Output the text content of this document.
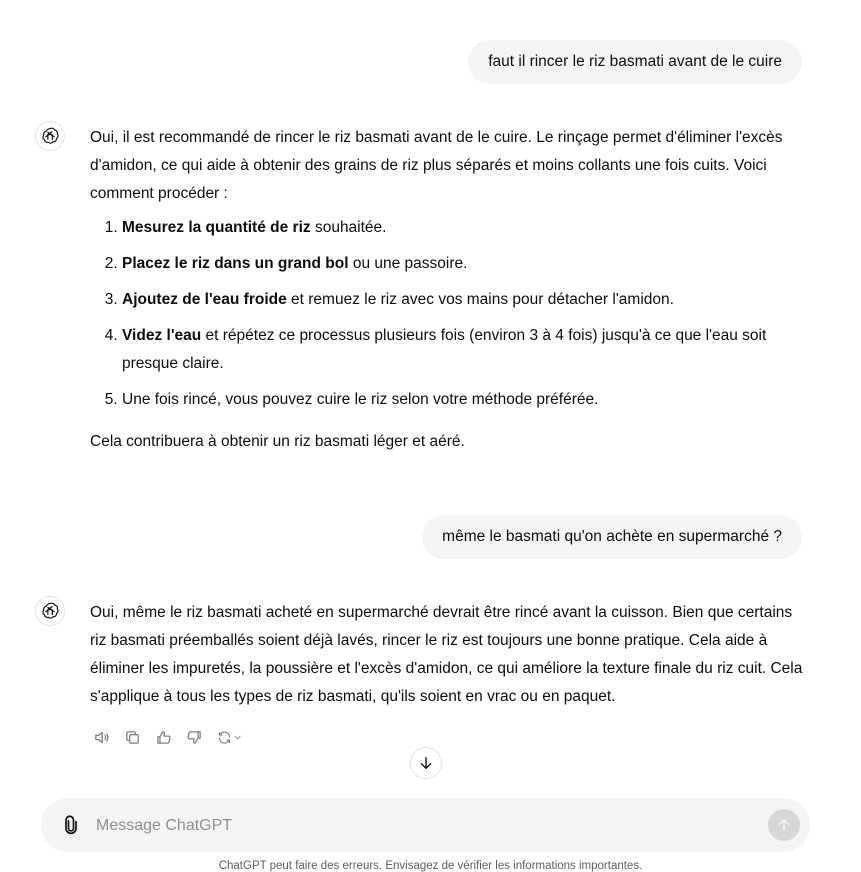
faut il rincer le riz basmati avant de le cuire

Oui, il est recommandé de rincer le riz basmati avant de le cuire. Le rinçage permet d'éliminer l'excès d'amidon, ce qui aide à obtenir des grains de riz plus séparés et moins collants une fois cuits. Voici comment procéder :

1. Mesurez la quantité de riz souhaitée.
2. Placez le riz dans un grand bol ou une passoire.
3. Ajoutez de l'eau froide et remuez le riz avec vos mains pour détacher l'amidon.
4. Videz l'eau et répétez ce processus plusieurs fois (environ 3 à 4 fois) jusqu'à ce que l'eau soit presque claire.
5. Une fois rincé, vous pouvez cuire le riz selon votre méthode préférée.

Cela contribuera à obtenir un riz basmati léger et aéré.

même le basmati qu'on achète en supermarché ?

Oui, même le riz basmati acheté en supermarché devrait être rincé avant la cuisson. Bien que certains riz basmati préemballés soient déjà lavés, rincer le riz est toujours une bonne pratique. Cela aide à éliminer les impuretés, la poussière et l'excès d'amidon, ce qui améliore la texture finale du riz cuit. Cela s'applique à tous les types de riz basmati, qu'ils soient en vrac ou en paquet.

Message ChatGPT
ChatGPT peut faire des erreurs. Envisagez de vérifier les informations importantes.
